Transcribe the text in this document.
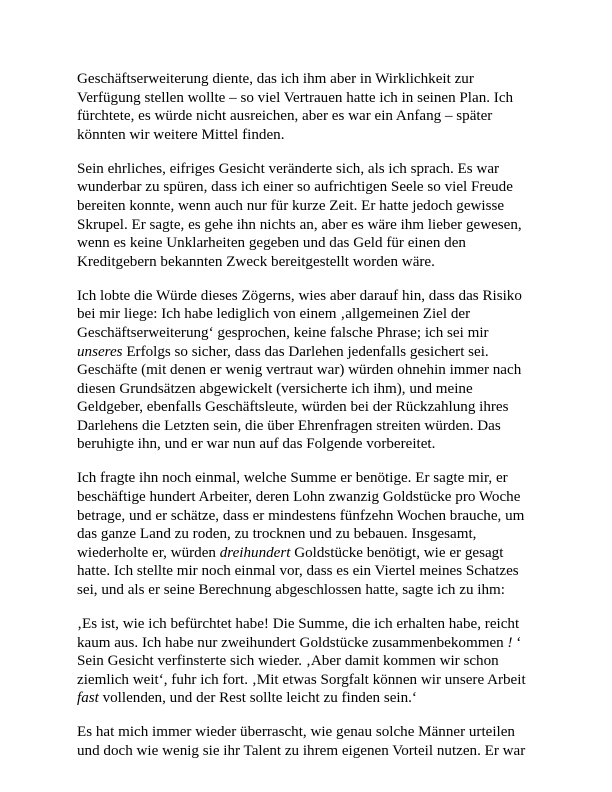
Geschäftserweiterung diente, das ich ihm aber in Wirklichkeit zur Verfügung stellen wollte – so viel Vertrauen hatte ich in seinen Plan. Ich fürchtete, es würde nicht ausreichen, aber es war ein Anfang – später könnten wir weitere Mittel finden.

Sein ehrliches, eifriges Gesicht veränderte sich, als ich sprach. Es war wunderbar zu spüren, dass ich einer so aufrichtigen Seele so viel Freude bereiten konnte, wenn auch nur für kurze Zeit. Er hatte jedoch gewisse Skrupel. Er sagte, es gehe ihn nichts an, aber es wäre ihm lieber gewesen, wenn es keine Unklarheiten gegeben und das Geld für einen den Kreditgebern bekannten Zweck bereitgestellt worden wäre.

Ich lobte die Würde dieses Zögerns, wies aber darauf hin, dass das Risiko bei mir liege: Ich habe lediglich von einem ‚allgemeinen Ziel der Geschäftserweiterung‘ gesprochen, keine falsche Phrase; ich sei mir unseres Erfolgs so sicher, dass das Darlehen jedenfalls gesichert sei. Geschäfte (mit denen er wenig vertraut war) würden ohnehin immer nach diesen Grundsätzen abgewickelt (versicherte ich ihm), und meine Geldgeber, ebenfalls Geschäftsleute, würden bei der Rückzahlung ihres Darlehens die Letzten sein, die über Ehrenfragen streiten würden. Das beruhigte ihn, und er war nun auf das Folgende vorbereitet.

Ich fragte ihn noch einmal, welche Summe er benötige. Er sagte mir, er beschäftige hundert Arbeiter, deren Lohn zwanzig Goldstücke pro Woche betrage, und er schätze, dass er mindestens fünfzehn Wochen brauche, um das ganze Land zu roden, zu trocknen und zu bebauen. Insgesamt, wiederholte er, würden dreihundert Goldstücke benötigt, wie er gesagt hatte. Ich stellte mir noch einmal vor, dass es ein Viertel meines Schatzes sei, und als er seine Berechnung abgeschlossen hatte, sagte ich zu ihm:

‚Es ist, wie ich befürchtet habe! Die Summe, die ich erhalten habe, reicht kaum aus. Ich habe nur zweihundert Goldstücke zusammenbekommen ! ‘ Sein Gesicht verfinsterte sich wieder. ‚Aber damit kommen wir schon ziemlich weit‘, fuhr ich fort. ‚Mit etwas Sorgfalt können wir unsere Arbeit fast vollenden, und der Rest sollte leicht zu finden sein.‘

Es hat mich immer wieder überrascht, wie genau solche Männer urteilen und doch wie wenig sie ihr Talent zu ihrem eigenen Vorteil nutzen. Er war
